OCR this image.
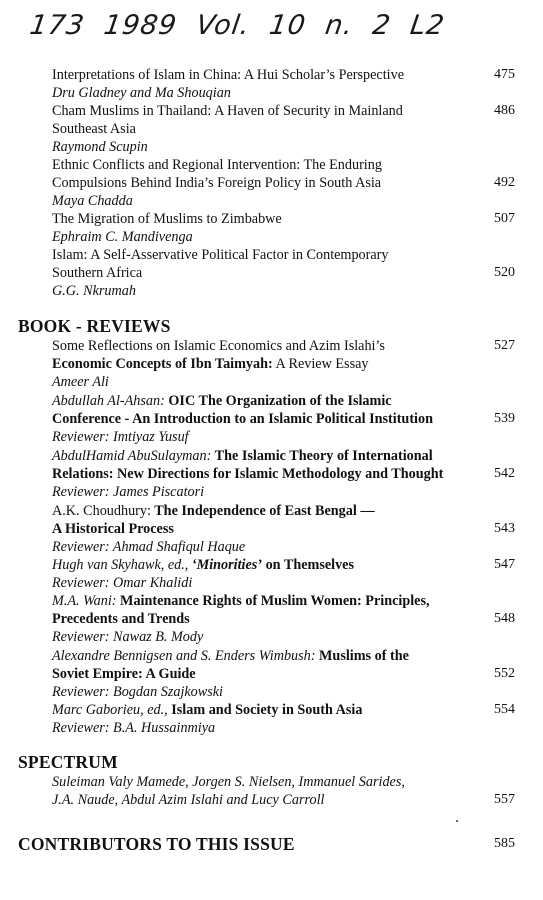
173 1989 Vol. 10 n. 2 L2
Interpretations of Islam in China: A Hui Scholar’s Perspective	475
Dru Gladney and Ma Shouqian
Cham Muslims in Thailand: A Haven of Security in Mainland	486
Southeast Asia
Raymond Scupin
Ethnic Conflicts and Regional Intervention: The Enduring
Compulsions Behind India’s Foreign Policy in South Asia	492
Maya Chadda
The Migration of Muslims to Zimbabwe	507
Ephraim C. Mandivenga
Islam: A Self-Asservative Political Factor in Contemporary
Southern Africa	520
G.G. Nkrumah
BOOK - REVIEWS
Some Reflections on Islamic Economics and Azim Islahi’s	527
Economic Concepts of Ibn Taimyah: A Review Essay
Ameer Ali
Abdullah Al-Ahsan: OIC The Organization of the Islamic
Conference - An Introduction to an Islamic Political Institution	539
Reviewer: Imtiyaz Yusuf
AbdulHamid AbuSulayman: The Islamic Theory of International
Relations: New Directions for Islamic Methodology and Thought	542
Reviewer: James Piscatori
A.K. Choudhury: The Independence of East Bengal —
A Historical Process	543
Reviewer: Ahmad Shafiqul Haque
Hugh van Skyhawk, ed., ‘Minorities’ on Themselves	547
Reviewer: Omar Khalidi
M.A. Wani: Maintenance Rights of Muslim Women: Principles,
Precedents and Trends	548
Reviewer: Nawaz B. Mody
Alexandre Bennigsen and S. Enders Wimbush: Muslims of the
Soviet Empire: A Guide	552
Reviewer: Bogdan Szajkowski
Marc Gaborieu, ed., Islam and Society in South Asia	554
Reviewer: B.A. Hussainmiya
SPECTRUM
Suleiman Valy Mamede, Jorgen S. Nielsen, Immanuel Sarides,
J.A. Naude, Abdul Azim Islahi and Lucy Carroll	557
CONTRIBUTORS TO THIS ISSUE	585
